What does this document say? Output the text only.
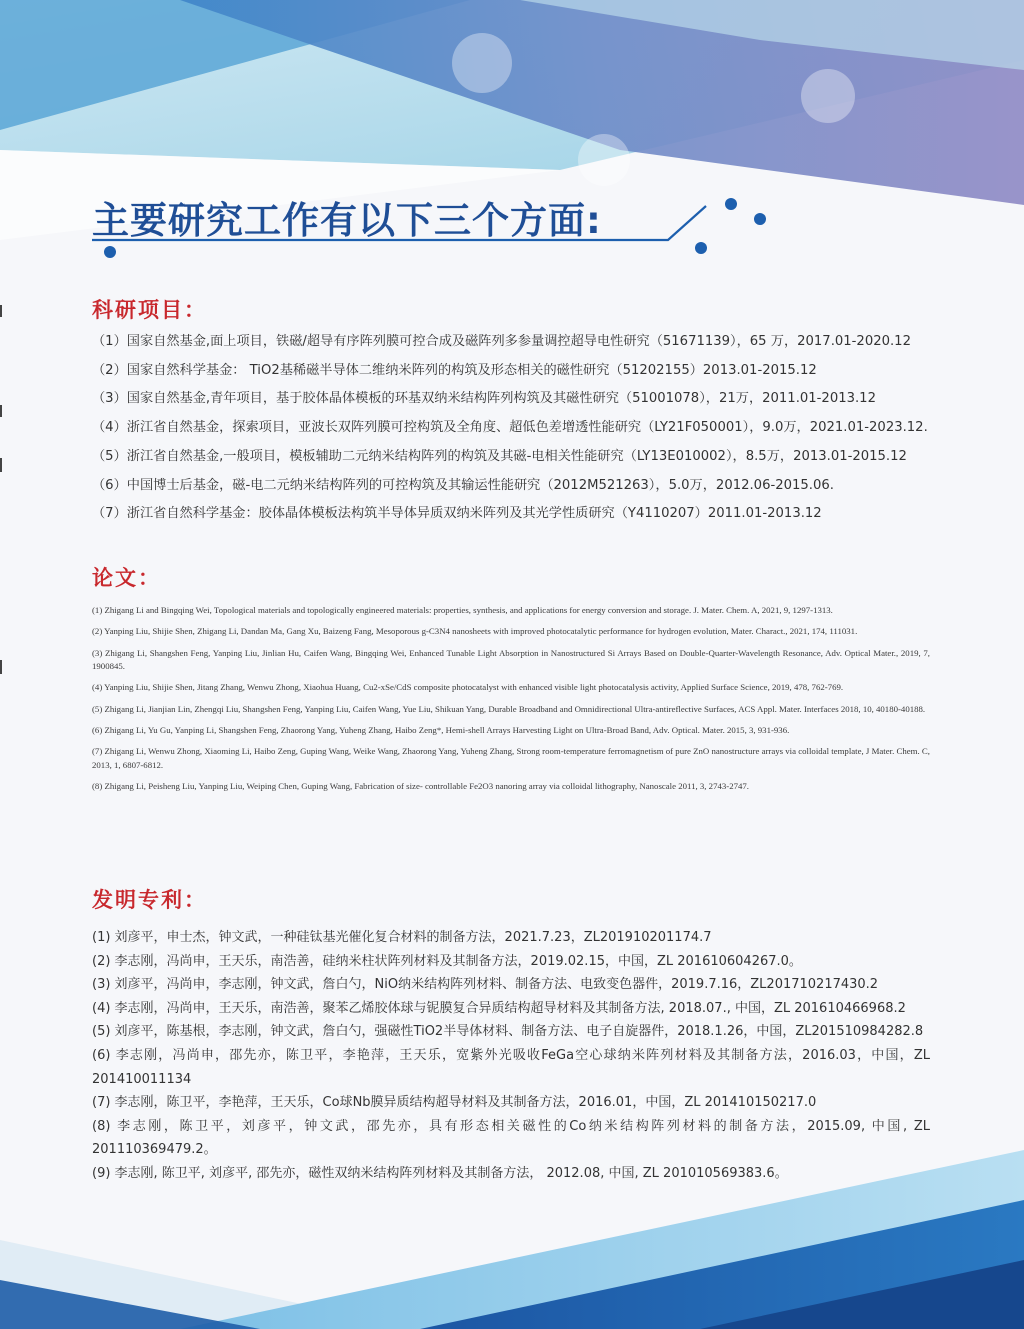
主要研究工作有以下三个方面:
科研项目：
（1）国家自然基金,面上项目，铁磁/超导有序阵列膜可控合成及磁阵列多参量调控超导电性研究（51671139），65 万，2017.01-2020.12
（2）国家自然科学基金： TiO2基稀磁半导体二维纳米阵列的构筑及形态相关的磁性研究（51202155）2013.01-2015.12
（3）国家自然基金,青年项目，基于胶体晶体模板的环基双纳米结构阵列构筑及其磁性研究（51001078），21万，2011.01-2013.12
（4）浙江省自然基金，探索项目，亚波长双阵列膜可控构筑及全角度、超低色差增透性能研究（LY21F050001），9.0万，2021.01-2023.12.
（5）浙江省自然基金,一般项目，模板辅助二元纳米结构阵列的构筑及其磁-电相关性能研究（LY13E010002），8.5万，2013.01-2015.12
（6）中国博士后基金，磁-电二元纳米结构阵列的可控构筑及其输运性能研究（2012M521263），5.0万，2012.06-2015.06.
（7）浙江省自然科学基金：胶体晶体模板法构筑半导体异质双纳米阵列及其光学性质研究（Y4110207）2011.01-2013.12
论文：
(1) Zhigang Li and Bingqing Wei, Topological materials and topologically engineered materials: properties, synthesis, and applications for energy conversion and storage. J. Mater. Chem. A, 2021, 9, 1297-1313.
(2) Yanping Liu, Shijie Shen, Zhigang Li, Dandan Ma, Gang Xu, Baizeng Fang, Mesoporous g-C3N4 nanosheets with improved photocatalytic performance for hydrogen evolution, Mater. Charact., 2021, 174, 111031.
(3) Zhigang Li, Shangshen Feng, Yanping Liu, Jinlian Hu, Caifen Wang, Bingqing Wei, Enhanced Tunable Light Absorption in Nanostructured Si Arrays Based on Double-Quarter-Wavelength Resonance, Adv. Optical Mater., 2019, 7, 1900845.
(4) Yanping Liu, Shijie Shen, Jitang Zhang, Wenwu Zhong, Xiaohua Huang, Cu2-xSe/CdS composite photocatalyst with enhanced visible light photocatalysis activity, Applied Surface Science, 2019, 478, 762-769.
(5) Zhigang Li, Jianjian Lin, Zhengqi Liu, Shangshen Feng, Yanping Liu, Caifen Wang, Yue Liu, Shikuan Yang, Durable Broadband and Omnidirectional Ultra-antireflective Surfaces, ACS Appl. Mater. Interfaces 2018, 10, 40180-40188.
(6) Zhigang Li, Yu Gu, Yanping Li, Shangshen Feng, Zhaorong Yang, Yuheng Zhang, Haibo Zeng*, Hemi-shell Arrays Harvesting Light on Ultra-Broad Band, Adv. Optical. Mater. 2015, 3, 931-936.
(7) Zhigang Li, Wenwu Zhong, Xiaoming Li, Haibo Zeng, Guping Wang, Weike Wang, Zhaorong Yang, Yuheng Zhang, Strong room-temperature ferromagnetism of pure ZnO nanostructure arrays via colloidal template, J Mater. Chem. C, 2013, 1, 6807-6812.
(8) Zhigang Li, Peisheng Liu, Yanping Liu, Weiping Chen, Guping Wang, Fabrication of size- controllable Fe2O3 nanoring array via colloidal lithography, Nanoscale 2011, 3, 2743-2747.
发明专利：
(1) 刘彦平，申士杰，钟文武，一种硅钛基光催化复合材料的制备方法，2021.7.23，ZL201910201174.7
(2) 李志刚，冯尚申，王天乐，南浩善，硅纳米柱状阵列材料及其制备方法，2019.02.15，中国，ZL 201610604267.0。
(3) 刘彦平，冯尚申，李志刚，钟文武，詹白勺，NiO纳米结构阵列材料、制备方法、电致变色器件，2019.7.16，ZL201710217430.2
(4) 李志刚，冯尚申，王天乐，南浩善，聚苯乙烯胶体球与铌膜复合异质结构超导材料及其制备方法, 2018.07., 中国，ZL 201610466968.2
(5) 刘彦平，陈基根，李志刚，钟文武，詹白勺，强磁性TiO2半导体材料、制备方法、电子自旋器件，2018.1.26，中国，ZL201510984282.8
(6) 李志刚，冯尚申，邵先亦，陈卫平，李艳萍，王天乐，宽紫外光吸收FeGa空心球纳米阵列材料及其制备方法，2016.03，中国，ZL 201410011134
(7) 李志刚，陈卫平，李艳萍，王天乐，Co球Nb膜异质结构超导材料及其制备方法，2016.01，中国，ZL 201410150217.0
(8) 李志刚，陈卫平，刘彦平，钟文武，邵先亦，具有形态相关磁性的Co纳米结构阵列材料的制备方法，2015.09, 中国, ZL 201110369479.2。
(9) 李志刚, 陈卫平, 刘彦平, 邵先亦，磁性双纳米结构阵列材料及其制备方法， 2012.08, 中国, ZL 201010569383.6。
